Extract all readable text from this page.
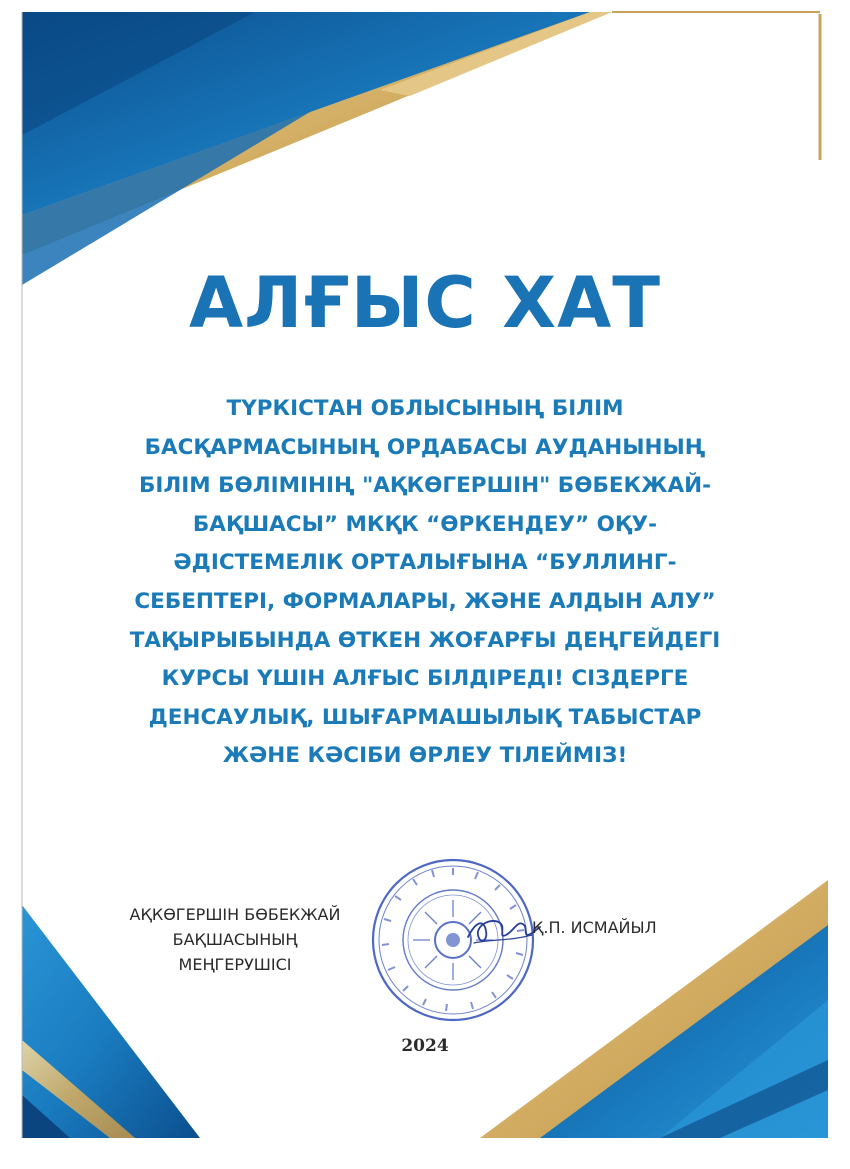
АЛҒЫС ХАТ
ТҮРКІСТАН ОБЛЫСЫНЫҢ БІЛІМ
БАСҚАРМАСЫНЫҢ ОРДАБАСЫ АУДАНЫНЫҢ
БІЛІМ БӨЛІМІНІҢ "АҚКӨГЕРШІН" БӨБЕКЖАЙ-
БАҚШАСЫ” МКҚК “ӨРКЕНДЕУ” ОҚУ-
ӘДІСТЕМЕЛІК ОРТАЛЫҒЫНА “БУЛЛИНГ-
СЕБЕПТЕРІ, ФОРМАЛАРЫ, ЖӘНЕ АЛДЫН АЛУ”
ТАҚЫРЫБЫНДА ӨТКЕН ЖОҒАРҒЫ ДЕҢГЕЙДЕГІ
КУРСЫ ҮШІН АЛҒЫС БІЛДІРЕДІ! СІЗДЕРГЕ
ДЕНСАУЛЫҚ, ШЫҒАРМАШЫЛЫҚ ТАБЫСТАР
ЖӘНЕ КӘСІБИ ӨРЛЕУ ТІЛЕЙМІЗ!
АҚКӨГЕРШІН БӨБЕКЖАЙ
БАҚШАСЫНЫҢ
МЕҢГЕРУШІСІ
Қ.П. ИСМАЙЫЛ
2024
